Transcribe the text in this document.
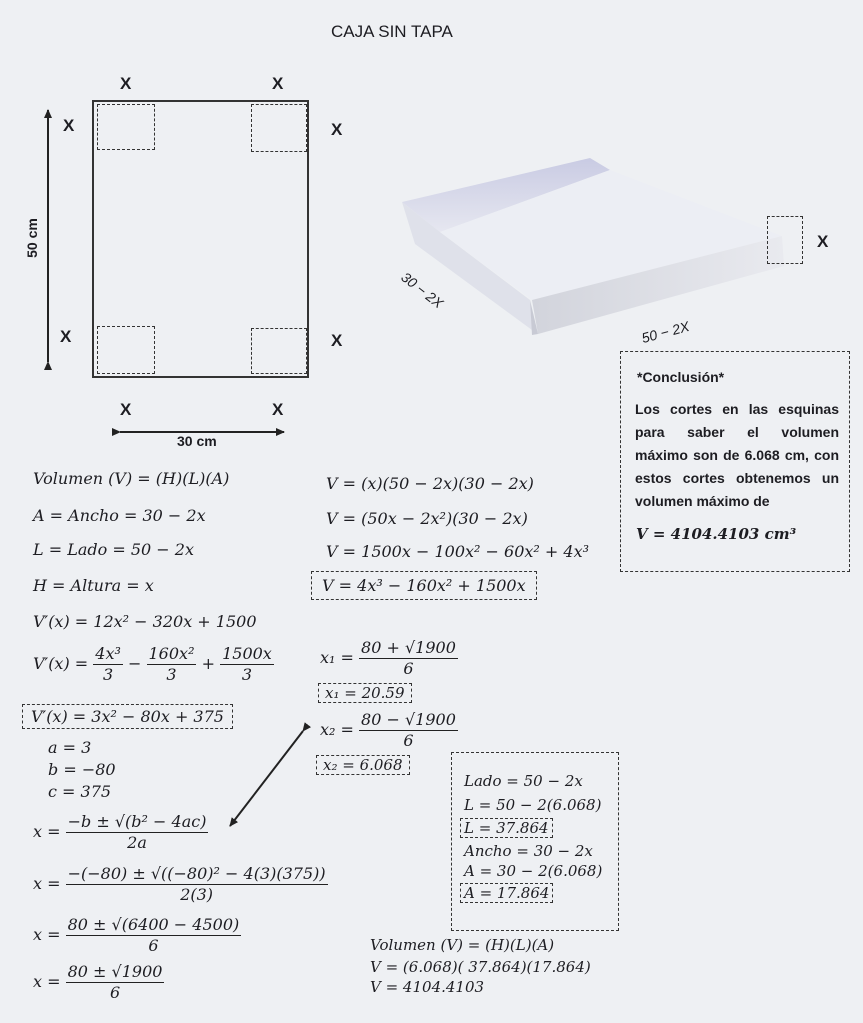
CAJA SIN TAPA
X	X
X	X
X	X
X	X
50 cm
30 cm
X
30 − 2X
50 − 2X
*Conclusión*
Los cortes en las esquinas para saber el volumen máximo son de 6.068 cm, con estos cortes obtenemos un volumen máximo de
V = 4104.4103 cm³
Volumen (V) = (H)(L)(A)
A = Ancho = 30 − 2x
L = Lado = 50 − 2x
H = Altura = x
V = (x)(50 − 2x)(30 − 2x)
V = (50x − 2x²)(30 − 2x)
V = 1500x − 100x² − 60x² + 4x³
V = 4x³ − 160x² + 1500x
V′(x) = 12x² − 320x + 1500
$V'(x) = \frac{\text{4x³}}{3} - \frac{\text{160x²}}{3} + \frac{1500x}{3}$
V′(x) = 3x² − 80x + 375
a = 3
b = −80
c = 375
$x = \frac{\text{−b ± √(b² − 4ac)}}{2a}$
$x = \frac{\text{−(−80) ± √((−80)² − 4(3)(375))}}{2(3)}$
$x = \frac{80 \pm √(6400 - 4500)}{6}$
$x = \frac{80 \pm √1900}{6}$
$x_1 = \frac{80 + √1900}{6}$
x₁ = 20.59
$x_2 = \frac{80 - √1900}{6}$
x₂ = 6.068
Lado = 50 − 2x
L = 50 − 2(6.068)
L = 37.864
Ancho = 30 − 2x
A = 30 − 2(6.068)
A = 17.864
Volumen (V) = (H)(L)(A)
V = (6.068)( 37.864)(17.864)
V = 4104.4103
